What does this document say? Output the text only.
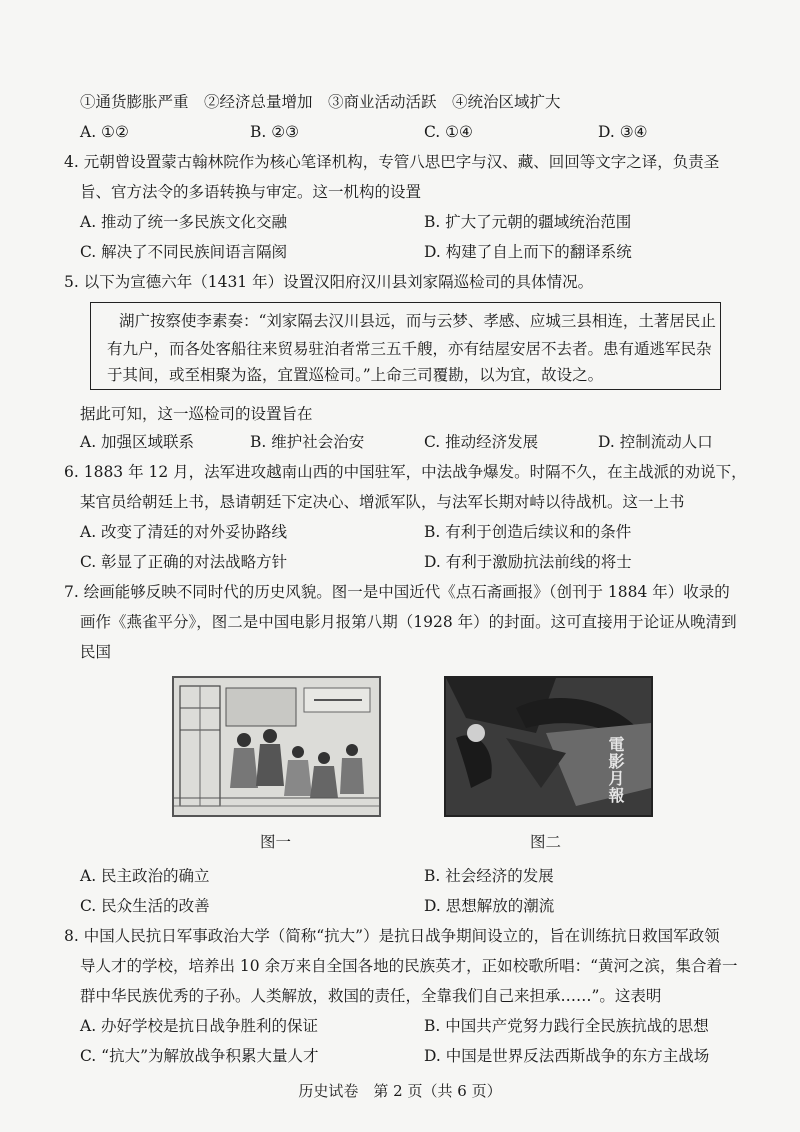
①通货膨胀严重　②经济总量增加　③商业活动活跃　④统治区域扩大
A. ①②	B. ②③	C. ①④	D. ③④
4. 元朝曾设置蒙古翰林院作为核心笔译机构，专管八思巴字与汉、藏、回回等文字之译，负责圣
旨、官方法令的多语转换与审定。这一机构的设置
A. 推动了统一多民族文化交融	B. 扩大了元朝的疆域统治范围
C. 解决了不同民族间语言隔阂	D. 构建了自上而下的翻译系统
5. 以下为宣德六年（1431 年）设置汉阳府汉川县刘家隔巡检司的具体情况。
湖广按察使李素奏：“刘家隔去汉川县远，而与云梦、孝感、应城三县相连，土著居民止
有九户，而各处客船往来贸易驻泊者常三五千艘，亦有结屋安居不去者。患有遁逃军民杂
于其间，或至相聚为盗，宜置巡检司。”上命三司覆勘，以为宜，故设之。
据此可知，这一巡检司的设置旨在
A. 加强区域联系	B. 维护社会治安	C. 推动经济发展	D. 控制流动人口
6. 1883 年 12 月，法军进攻越南山西的中国驻军，中法战争爆发。时隔不久，在主战派的劝说下，
某官员给朝廷上书，恳请朝廷下定决心、增派军队，与法军长期对峙以待战机。这一上书
A. 改变了清廷的对外妥协路线	B. 有利于创造后续议和的条件
C. 彰显了正确的对法战略方针	D. 有利于激励抗法前线的将士
7. 绘画能够反映不同时代的历史风貌。图一是中国近代《点石斋画报》（创刊于 1884 年）收录的
画作《燕雀平分》，图二是中国电影月报第八期（1928 年）的封面。这可直接用于论证从晚清到
民国
電影月報
图一	图二
A. 民主政治的确立	B. 社会经济的发展
C. 民众生活的改善	D. 思想解放的潮流
8. 中国人民抗日军事政治大学（简称“抗大”）是抗日战争期间设立的，旨在训练抗日救国军政领
导人才的学校，培养出 10 余万来自全国各地的民族英才，正如校歌所唱：“黄河之滨，集合着一
群中华民族优秀的子孙。人类解放，救国的责任，全靠我们自己来担承……”。这表明
A. 办好学校是抗日战争胜利的保证	B. 中国共产党努力践行全民族抗战的思想
C. “抗大”为解放战争积累大量人才	D. 中国是世界反法西斯战争的东方主战场
历史试卷　第 2 页（共 6 页）
